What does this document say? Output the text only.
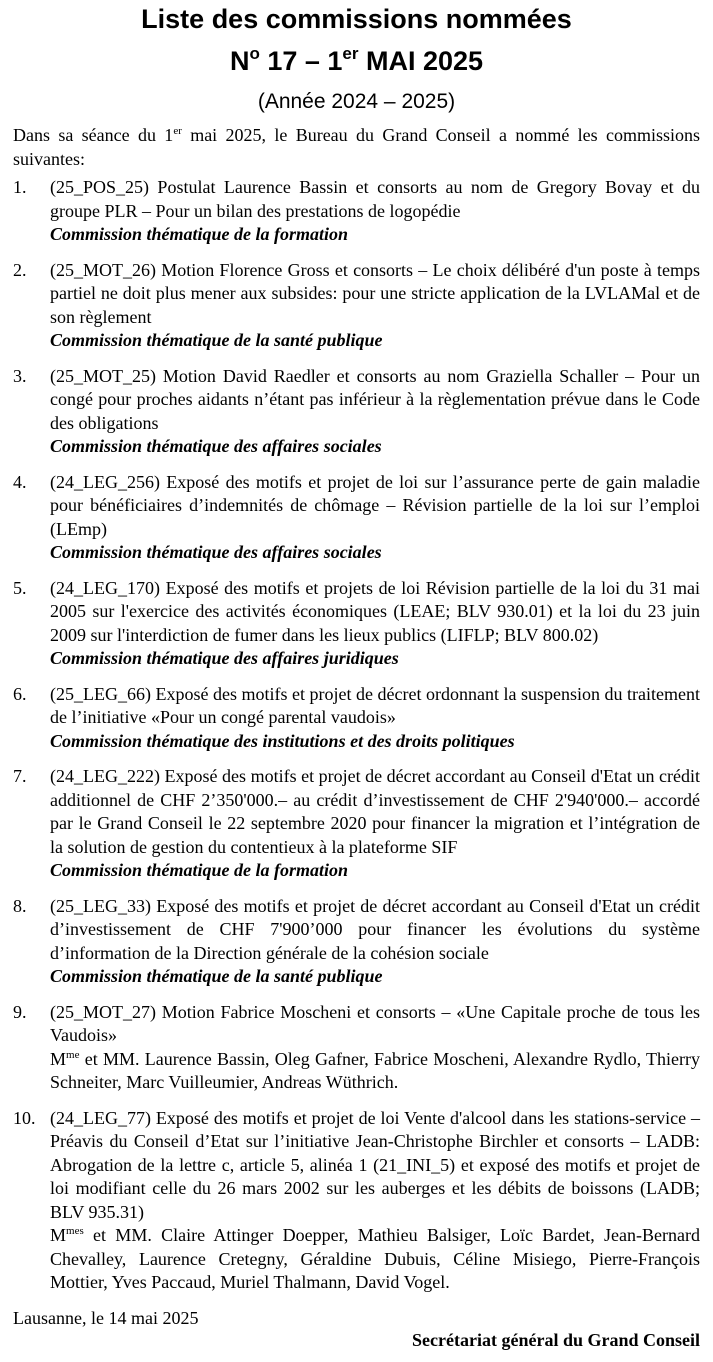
Liste des commissions nommées
$N^o$ 17 – 1er MAI 2025
(Année 2024 – 2025)

Dans sa séance du 1er mai 2025, le Bureau du Grand Conseil a nommé les commissions suivantes:

1. (25_POS_25) Postulat Laurence Bassin et consorts au nom de Gregory Bovay et du groupe PLR – Pour un bilan des prestations de logopédie
Commission thématique de la formation
2. (25_MOT_26) Motion Florence Gross et consorts – Le choix délibéré d'un poste à temps partiel ne doit plus mener aux subsides: pour une stricte application de la LVLAMal et de son règlement
Commission thématique de la santé publique
3. (25_MOT_25) Motion David Raedler et consorts au nom Graziella Schaller – Pour un congé pour proches aidants n’étant pas inférieur à la règlementation prévue dans le Code des obligations
Commission thématique des affaires sociales
4. (24_LEG_256) Exposé des motifs et projet de loi sur l’assurance perte de gain maladie pour bénéficiaires d’indemnités de chômage – Révision partielle de la loi sur l’emploi (LEmp)
Commission thématique des affaires sociales
5. (24_LEG_170) Exposé des motifs et projets de loi Révision partielle de la loi du 31 mai 2005 sur l'exercice des activités économiques (LEAE; BLV 930.01) et la loi du 23 juin 2009 sur l'interdiction de fumer dans les lieux publics (LIFLP; BLV 800.02)
Commission thématique des affaires juridiques
6. (25_LEG_66) Exposé des motifs et projet de décret ordonnant la suspension du traitement de l’initiative «Pour un congé parental vaudois»
Commission thématique des institutions et des droits politiques
7. (24_LEG_222) Exposé des motifs et projet de décret accordant au Conseil d'Etat un crédit additionnel de CHF 2’350'000.– au crédit d’investissement de CHF 2'940'000.– accordé par le Grand Conseil le 22 septembre 2020 pour financer la migration et l’intégration de la solution de gestion du contentieux à la plateforme SIF
Commission thématique de la formation
8. (25_LEG_33) Exposé des motifs et projet de décret accordant au Conseil d'Etat un crédit d’investissement de CHF 7'900’000 pour financer les évolutions du système d’information de la Direction générale de la cohésion sociale
Commission thématique de la santé publique
9. (25_MOT_27) Motion Fabrice Moscheni et consorts – «Une Capitale proche de tous les Vaudois»
$M^{me}$ et MM. Laurence Bassin, Oleg Gafner, Fabrice Moscheni, Alexandre Rydlo, Thierry Schneiter, Marc Vuilleumier, Andreas Wüthrich.
10. (24_LEG_77) Exposé des motifs et projet de loi Vente d'alcool dans les stations-service – Préavis du Conseil d’Etat sur l’initiative Jean-Christophe Birchler et consorts – LADB: Abrogation de la lettre c, article 5, alinéa 1 (21_INI_5) et exposé des motifs et projet de loi modifiant celle du 26 mars 2002 sur les auberges et les débits de boissons (LADB; BLV 935.31)
$M^{mes}$ et MM. Claire Attinger Doepper, Mathieu Balsiger, Loïc Bardet, Jean-Bernard Chevalley, Laurence Cretegny, Géraldine Dubuis, Céline Misiego, Pierre-François Mottier, Yves Paccaud, Muriel Thalmann, David Vogel.
Lausanne, le 14 mai 2025
Secrétariat général du Grand Conseil
